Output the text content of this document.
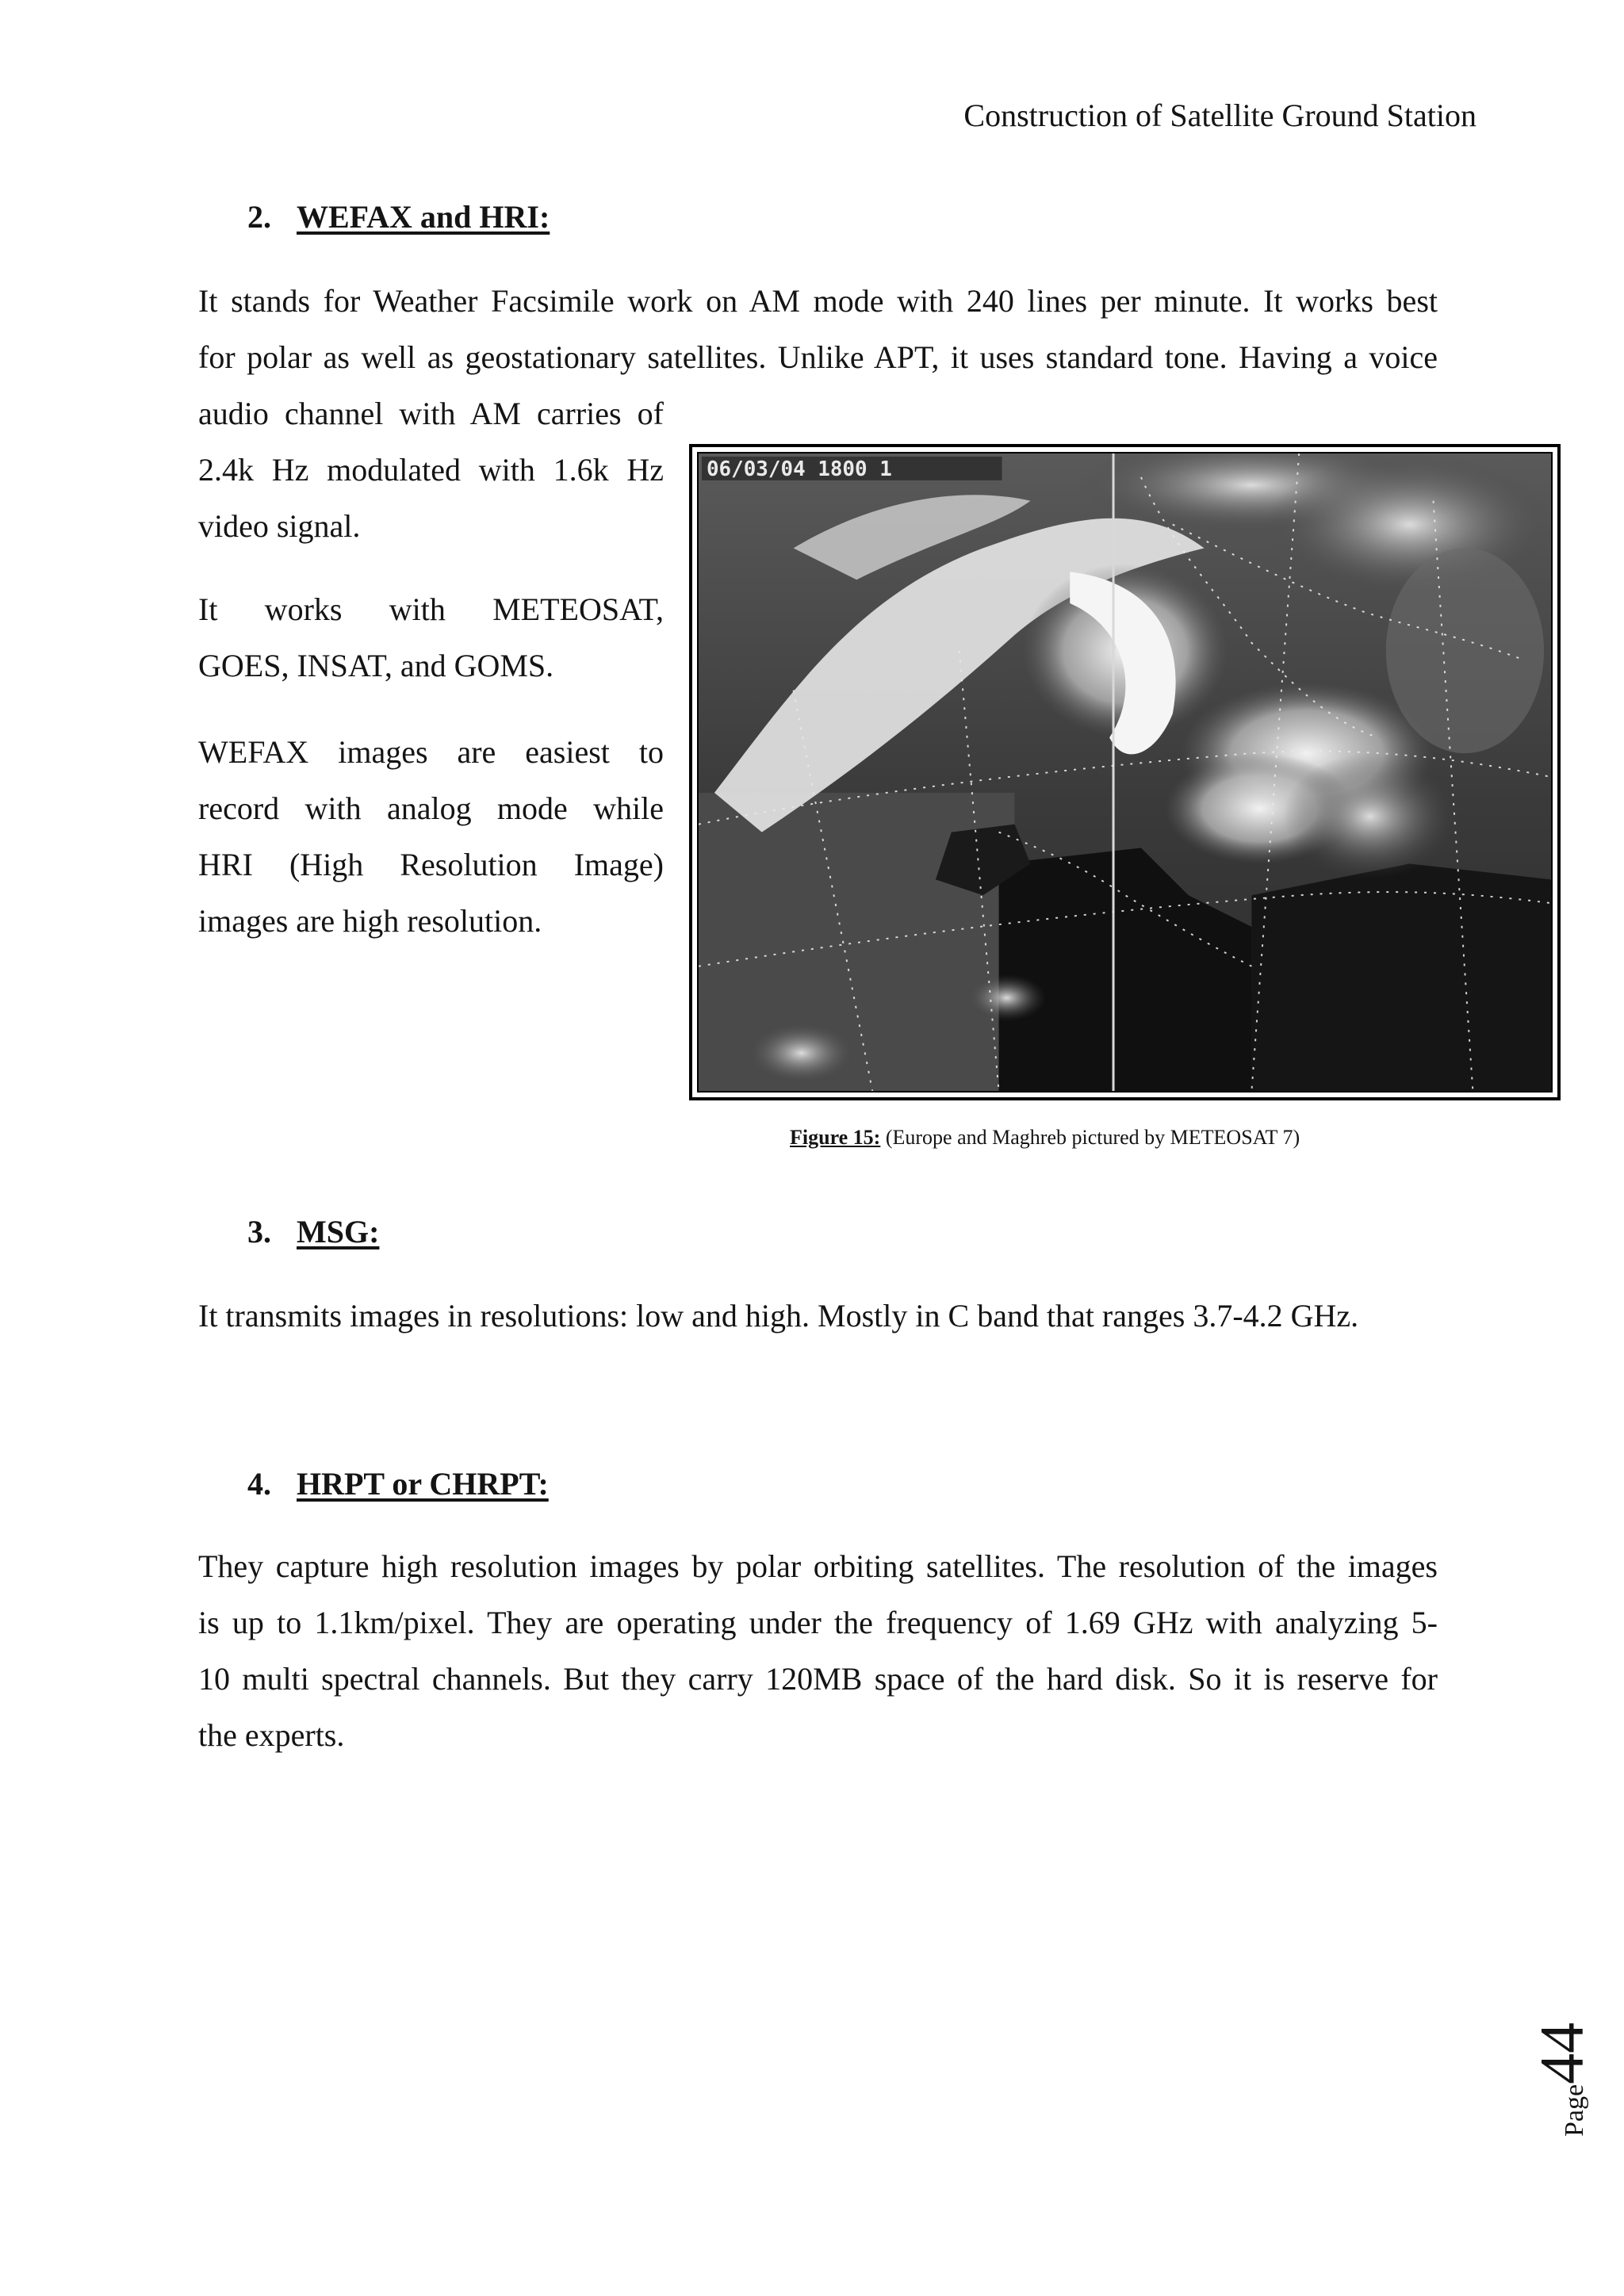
Construction of Satellite Ground Station
2. WEFAX and HRI:

It stands for Weather Facsimile work on AM mode with 240 lines per minute. It works best

for polar as well as geostationary satellites. Unlike APT, it uses standard tone. Having a voice

audio channel with AM carries of

2.4k Hz modulated with 1.6k Hz

video signal.

It works with METEOSAT,

GOES, INSAT, and GOMS.

WEFAX images are easiest to

record with analog mode while

HRI (High Resolution Image)

images are high resolution.

06/03/04 1800 1
Figure 15: (Europe and Maghreb pictured by METEOSAT 7)
3. MSG:

It transmits images in resolutions: low and high. Mostly in C band that ranges 3.7-4.2 GHz.

4. HRPT or CHRPT:

They capture high resolution images by polar orbiting satellites. The resolution of the images

is up to 1.1km/pixel. They are operating under the frequency of 1.69 GHz with analyzing 5-

10 multi spectral channels. But they carry 120MB space of the hard disk. So it is reserve for

the experts.

Page44
